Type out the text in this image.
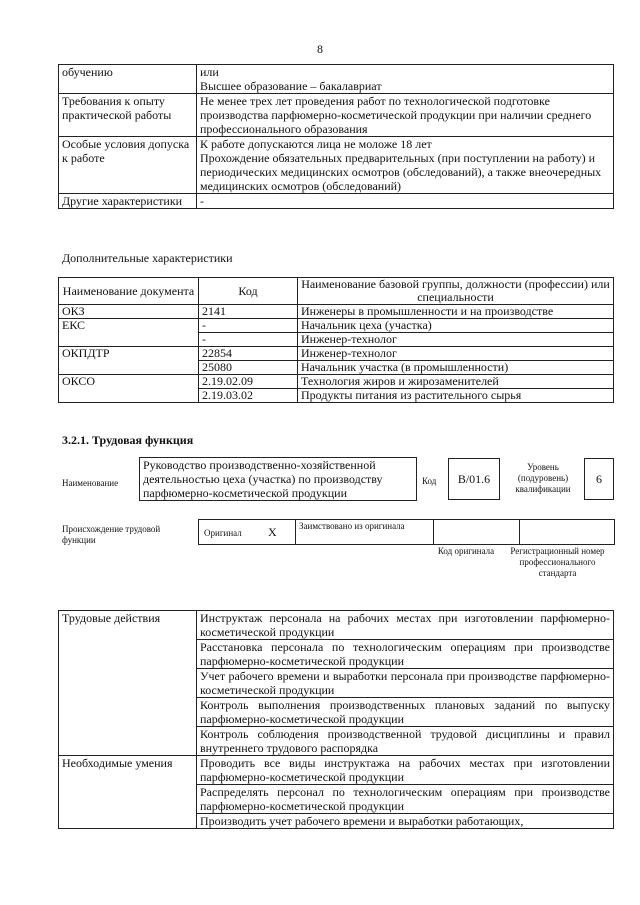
8
обучению	или
Высшее образование – бакалавриат

Требования к опыту практической работы	Не менее трех лет проведения работ по технологической подготовке производства парфюмерно-косметической продукции при наличии среднего профессионального образования

Особые условия допуска к работе	К работе допускаются лица не моложе 18 лет
Прохождение обязательных предварительных (при поступлении на работу) и периодических медицинских осмотров (обследований), а также внеочередных медицинских осмотров (обследований)

Другие характеристики	-
Дополнительные характеристики
Наименование документа	Код	Наименование базовой группы, должности (профессии) или специальности
ОКЗ	2141	Инженеры в промышленности и на производстве
ЕКС	-	Начальник цеха (участка)
	-	Инженер-технолог
ОКПДТР	22854	Инженер-технолог
	25080	Начальник участка (в промышленности)
ОКСО	2.19.02.09	Технология жиров и жирозаменителей
	2.19.03.02	Продукты питания из растительного сырья
3.2.1. Трудовая функция
Наименование
Руководство производственно-хозяйственной деятельностью цеха (участка) по производству парфюмерно-косметической продукции
Код	B/01.6
Уровень (подуровень) квалификации
6
Происхождение трудовой функции
Оригинал X Заимствовано из оригинала
Код оригинала Регистрационный номер профессионального стандарта
Трудовые действия	Инструктаж персонала на рабочих местах при изготовлении парфюмерно-косметической продукции
	Расстановка персонала по технологическим операциям при производстве парфюмерно-косметической продукции
	Учет рабочего времени и выработки персонала при производстве парфюмерно-косметической продукции
	Контроль выполнения производственных плановых заданий по выпуску парфюмерно-косметической продукции
	Контроль соблюдения производственной трудовой дисциплины и правил внутреннего трудового распорядка
Необходимые умения	Проводить все виды инструктажа на рабочих местах при изготовлении парфюмерно-косметической продукции
	Распределять персонал по технологическим операциям при производстве парфюмерно-косметической продукции
	Производить учет рабочего времени и выработки работающих,
